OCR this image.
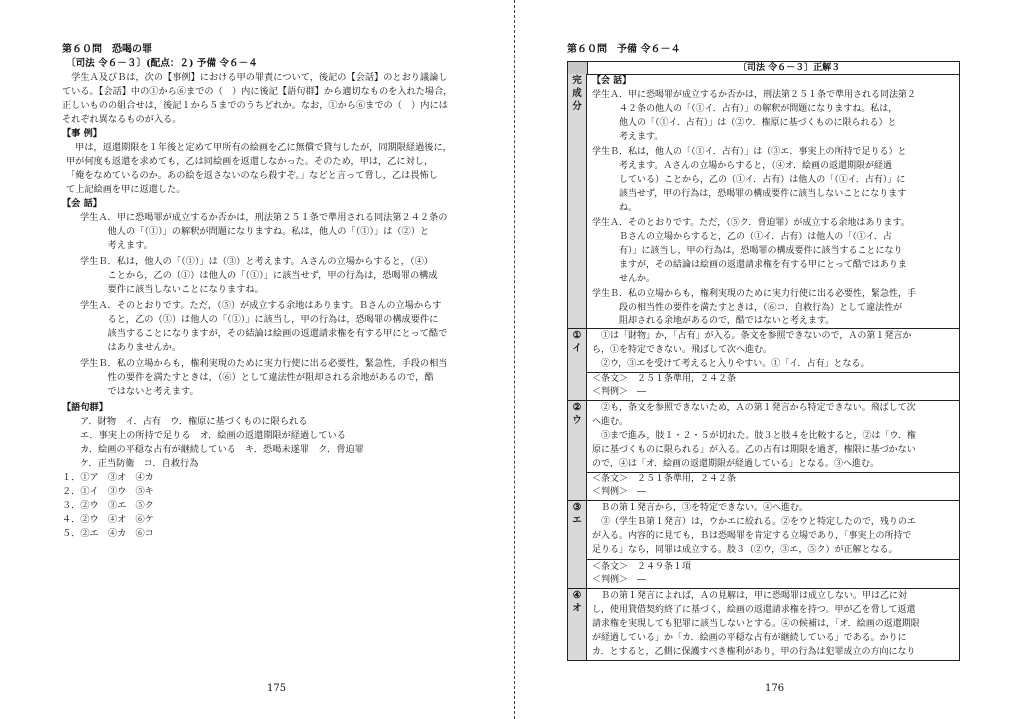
第６０問　恐喝の罪
〔司法 令６－３〕(配点：２) 予備 令６－４
　学生Ａ及びＢは，次の【事例】における甲の罪責について，後記の【会話】のとおり議論し
ている。【会話】中の①から⑥までの（　）内に後記【語句群】から適切なものを入れた場合，
正しいものの組合せは，後記１から５までのうちどれか。なお，①から⑥までの（　）内には
それぞれ異なるものが入る。
【事 例】
　甲は，返還期限を１年後と定めて甲所有の絵画を乙に無償で貸与したが，同期限経過後に，
甲が何度も返還を求めても，乙は同絵画を返還しなかった。そのため，甲は，乙に対し，
「俺をなめているのか。あの絵を返さないのなら殺すぞ。」などと言って脅し，乙は畏怖し
て上記絵画を甲に返還した。
【会 話】
学生Ａ．甲に恐喝罪が成立するか否かは，刑法第２５１条で準用される同法第２４２条の
　　　他人の「（①）」の解釈が問題になりますね。私は，他人の「（①）」は（②）と
　　　考えます。
学生Ｂ．私は，他人の「（①）」は（③）と考えます。Ａさんの立場からすると，（④）
　　　ことから，乙の（①）は他人の「（①）」に該当せず，甲の行為は，恐喝罪の構成
　　　要件に該当しないことになりますね。
学生Ａ．そのとおりです。ただ，（⑤）が成立する余地はあります。Ｂさんの立場からす
　　　ると，乙の（①）は他人の「（①）」に該当し，甲の行為は，恐喝罪の構成要件に
　　　該当することになりますが，その結論は絵画の返還請求権を有する甲にとって酷で
　　　はありませんか。
学生Ｂ．私の立場からも，権利実現のために実力行使に出る必要性，緊急性，手段の相当
　　　性の要件を満たすときは，（⑥）として違法性が阻却される余地があるので，酷
　　　ではないと考えます。
【語句群】
ア．財物　イ．占有　ウ．権原に基づくものに限られる
エ．事実上の所持で足りる　オ．絵画の返還期限が経過している
カ．絵画の平穏な占有が継続している　キ．恐喝未遂罪　ク．脅迫罪
ケ．正当防衛　コ．自救行為
１．①ア　③オ　④カ
２．①イ　③ウ　⑤キ
３．②ウ　③エ　⑤ク
４．②ウ　④オ　⑥ケ
５．②エ　④カ　⑥コ
175
第６０問　予備 令６－４
〔司法 令６－３〕正解３
完
成
分
【会 話】
学生Ａ．甲に恐喝罪が成立するか否かは，刑法第２５１条で準用される同法第２
　　　４２条の他人の「（①イ．占有）」の解釈が問題になりますね。私は，
　　　他人の「（①イ．占有）」は（②ウ．権原に基づくものに限られる）と
　　　考えます。
学生Ｂ．私は，他人の「（①イ．占有）」は（③エ．事実上の所持で足りる）と
　　　考えます。Ａさんの立場からすると，（④オ．絵画の返還期限が経過
　　　している）ことから，乙の（①イ．占有）は他人の「（①イ．占有）」に
　　　該当せず，甲の行為は，恐喝罪の構成要件に該当しないことになります
　　　ね。
学生Ａ．そのとおりです。ただ，（⑤ク．脅迫罪）が成立する余地はあります。
　　　Ｂさんの立場からすると，乙の（①イ．占有）は他人の「（①イ．占
　　　有）」に該当し，甲の行為は，恐喝罪の構成要件に該当することになり
　　　ますが，その結論は絵画の返還請求権を有する甲にとって酷ではありま
　　　せんか。
学生Ｂ．私の立場からも，権利実現のために実力行使に出る必要性，緊急性，手
　　　段の相当性の要件を満たすときは，（⑥コ．自救行為）として違法性が
　　　阻却される余地があるので，酷ではないと考えます。
①
イ
　①は「財物」か，「占有」が入る。条文を参照できないので，Ａの第１発言か
ら，①を特定できない。飛ばして次へ進む。
　②ウ，③エを受けて考えると入りやすい。①「イ．占有」となる。
＜条文＞　２５１条準用，２４２条
＜判例＞　―
②
ウ
　②も，条文を参照できないため，Ａの第１発言から特定できない。飛ばして次
へ進む。
　⑤まで進み，肢１・２・５が切れた。肢３と肢４を比較すると，②は「ウ．権
原に基づくものに限られる」が入る。乙の占有は期限を過ぎ，権限に基づかない
ので，④は「オ．絵画の返還期限が経過している」となる。③へ進む。
＜条文＞　２５１条準用，２４２条
＜判例＞　―
③
エ
　Ｂの第１発言から，③を特定できない。④へ進む。
　③（学生Ｂ第１発言）は，ウかエに絞れる。②をウと特定したので，残りのエ
が入る。内容的に見ても，Ｂは恐喝罪を肯定する立場であり，「事実上の所持で
足りる」なら，同罪は成立する。肢３（②ウ，③エ，⑤ク）が正解となる。
＜条文＞　２４９条１項
＜判例＞　―
④
オ
　Ｂの第１発言によれば，Ａの見解は，甲に恐喝罪は成立しない。甲は乙に対
し，使用貸借契約終了に基づく，絵画の返還請求権を持つ。甲が乙を脅して返還
請求権を実現しても犯罪に該当しないとする。④の候補は，「オ．絵画の返還期限
が経過している」か「カ．絵画の平穏な占有が継続している」である。かりに
カ．とすると，乙側に保護すべき権利があり，甲の行為は犯罪成立の方向になり
176
